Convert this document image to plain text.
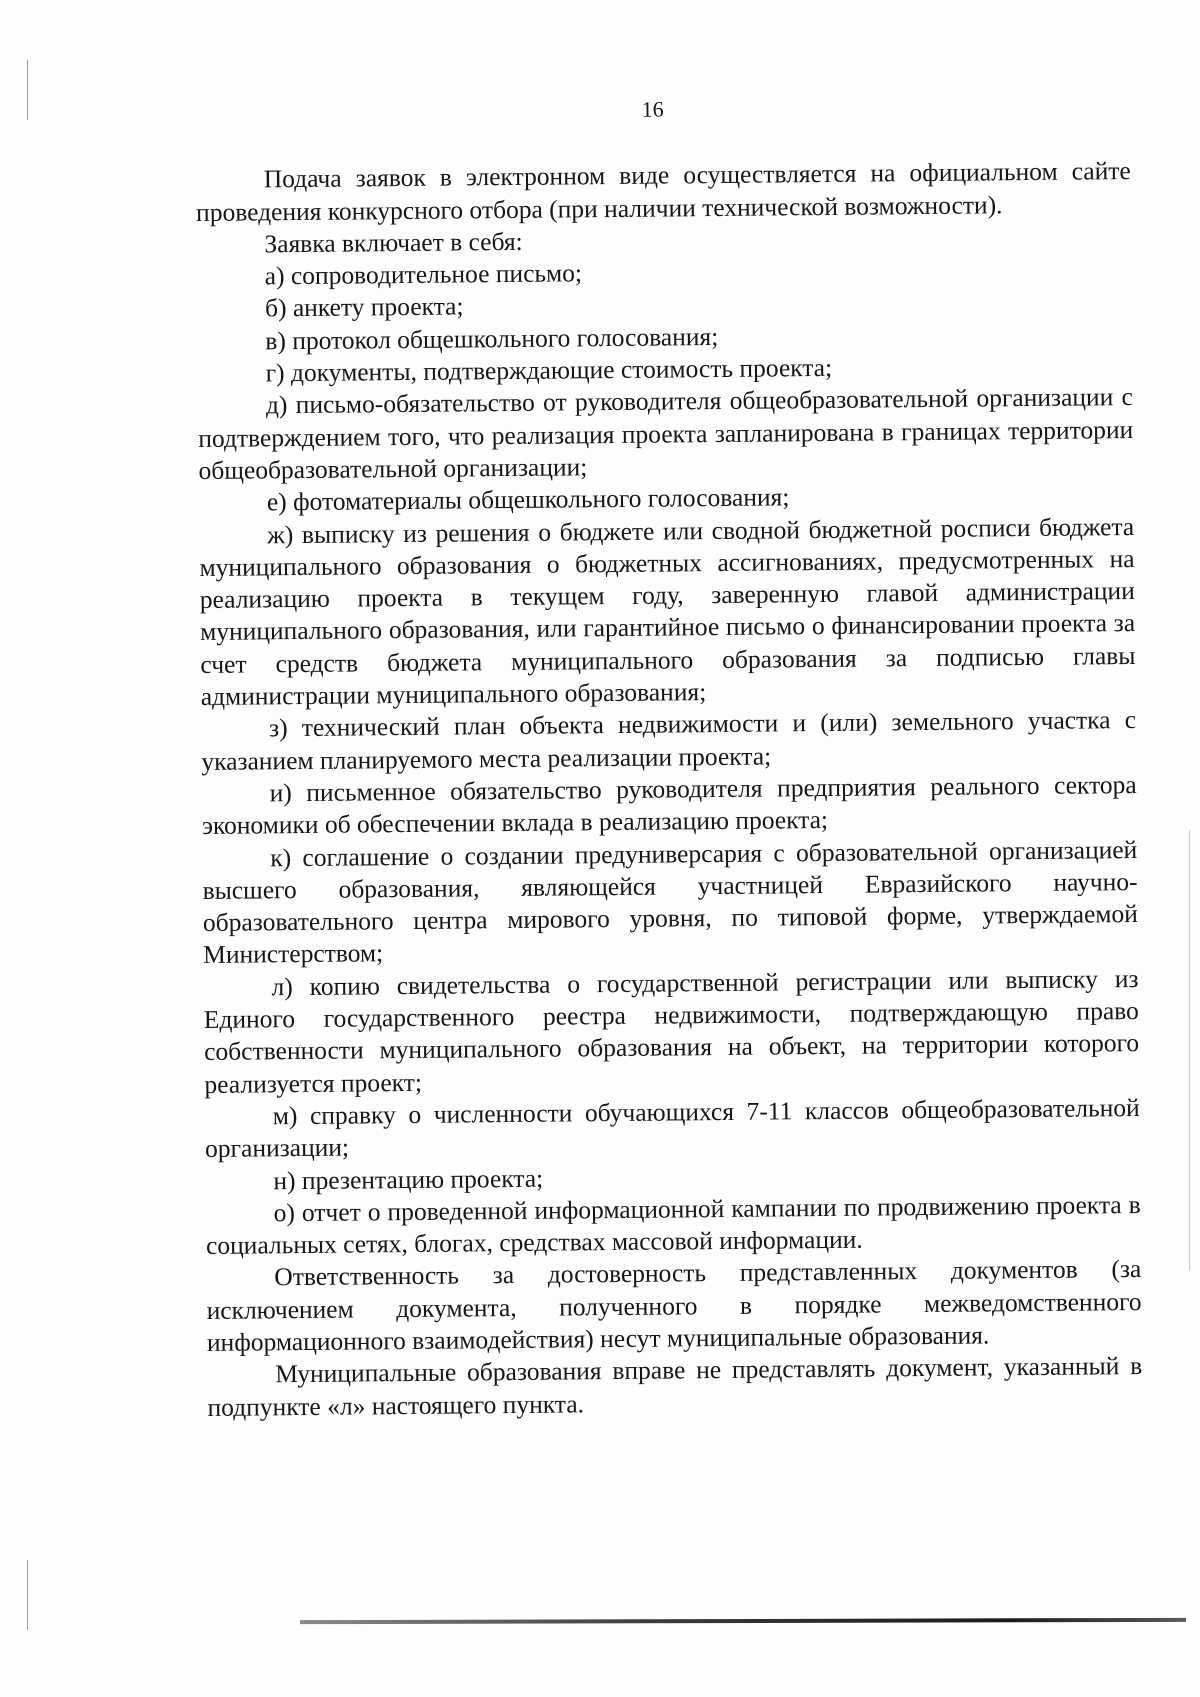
16

Подача заявок в электронном виде осуществляется на официальном сайте проведения конкурсного отбора (при наличии технической возможности).

Заявка включает в себя:

а) сопроводительное письмо;

б) анкету проекта;

в) протокол общешкольного голосования;

г) документы, подтверждающие стоимость проекта;

д) письмо-обязательство от руководителя общеобразовательной организации с подтверждением того, что реализация проекта запланирована в границах территории общеобразовательной организации;

е) фотоматериалы общешкольного голосования;

ж) выписку из решения о бюджете или сводной бюджетной росписи бюджета муниципального образования о бюджетных ассигнованиях, предусмотренных на реализацию проекта в текущем году, заверенную главой администрации муниципального образования, или гарантийное письмо о финансировании проекта за счет средств бюджета муниципального образования за подписью главы администрации муниципального образования;

з) технический план объекта недвижимости и (или) земельного участка с указанием планируемого места реализации проекта;

и) письменное обязательство руководителя предприятия реального сектора экономики об обеспечении вклада в реализацию проекта;

к) соглашение о создании предуниверсария с образовательной организацией высшего образования, являющейся участницей Евразийского научно-образовательного центра мирового уровня, по типовой форме, утверждаемой Министерством;

л) копию свидетельства о государственной регистрации или выписку из Единого государственного реестра недвижимости, подтверждающую право собственности муниципального образования на объект, на территории которого реализуется проект;

м) справку о численности обучающихся 7-11 классов общеобразовательной организации;

н) презентацию проекта;

о) отчет о проведенной информационной кампании по продвижению проекта в социальных сетях, блогах, средствах массовой информации.

Ответственность за достоверность представленных документов (за исключением документа, полученного в порядке межведомственного информационного взаимодействия) несут муниципальные образования.

Муниципальные образования вправе не представлять документ, указанный в подпункте «л» настоящего пункта.
